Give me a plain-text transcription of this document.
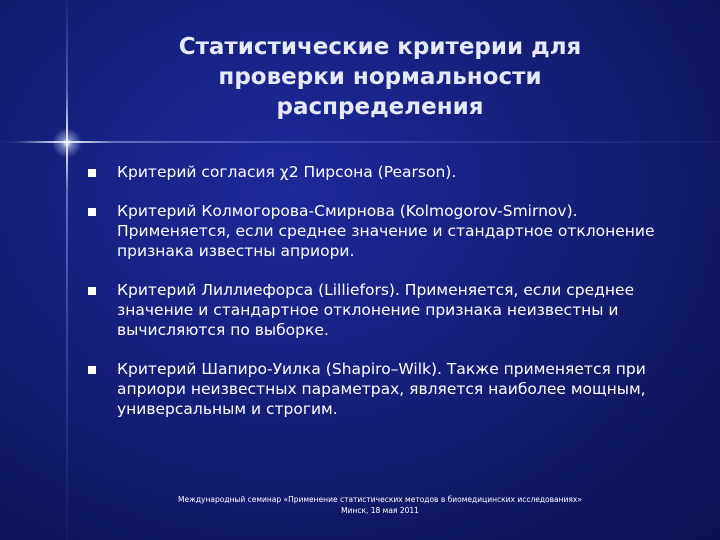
Статистические критерии для
проверки нормальности
распределения
Критерий согласия χ2 Пирсона (Pearson).
Критерий Колмогорова-Смирнова (Kolmogorov-Smirnov). Применяется, если среднее значение и стандартное отклонение признака известны априори.
Критерий Лиллиефорса (Lilliefors). Применяется, если среднее значение и стандартное отклонение признака неизвестны и вычисляются по выборке.
Критерий Шапиро-Уилка (Shapiro–Wilk). Также применяется при априори неизвестных параметрах, является наиболее мощным, универсальным и строгим.
Международный семинар «Применение статистических методов в биомедицинских исследованиях»
Минск, 18 мая 2011
